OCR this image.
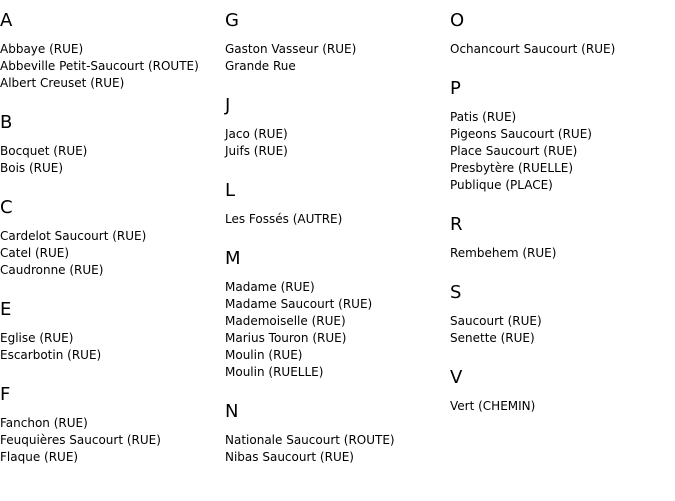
A
Abbaye (RUE)
Abbeville Petit-Saucourt (ROUTE)
Albert Creuset (RUE)
B
Bocquet (RUE)
Bois (RUE)
C
Cardelot Saucourt (RUE)
Catel (RUE)
Caudronne (RUE)
E
Eglise (RUE)
Escarbotin (RUE)
F
Fanchon (RUE)
Feuquières Saucourt (RUE)
Flaque (RUE)
G
Gaston Vasseur (RUE)
Grande Rue
J
Jaco (RUE)
Juifs (RUE)
L
Les Fossés (AUTRE)
M
Madame (RUE)
Madame Saucourt (RUE)
Mademoiselle (RUE)
Marius Touron (RUE)
Moulin (RUE)
Moulin (RUELLE)
N
Nationale Saucourt (ROUTE)
Nibas Saucourt (RUE)
O
Ochancourt Saucourt (RUE)
P
Patis (RUE)
Pigeons Saucourt (RUE)
Place Saucourt (RUE)
Presbytère (RUELLE)
Publique (PLACE)
R
Rembehem (RUE)
S
Saucourt (RUE)
Senette (RUE)
V
Vert (CHEMIN)
